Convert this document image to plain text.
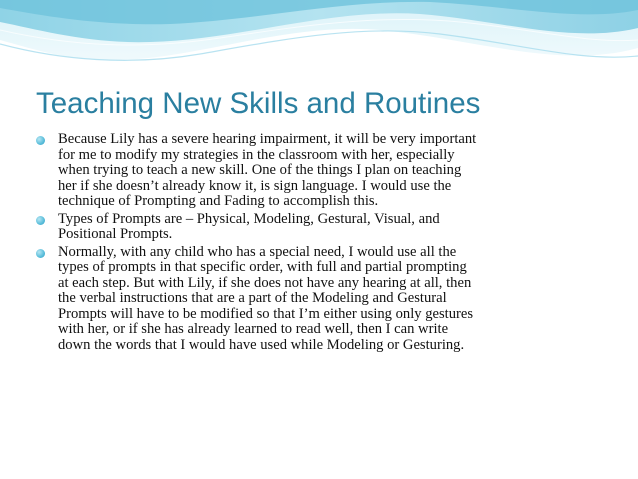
Teaching New Skills and Routines
Because Lily has a severe hearing impairment, it will be very important
for me to modify my strategies in the classroom with her, especially
when trying to teach a new skill. One of the things I plan on teaching
her if she doesn’t already know it, is sign language. I would use the
technique of Prompting and Fading to accomplish this.
Types of Prompts are – Physical, Modeling, Gestural, Visual, and
Positional Prompts.
Normally, with any child who has a special need, I would use all the
types of prompts in that specific order, with full and partial prompting
at each step. But with Lily, if she does not have any hearing at all, then
the verbal instructions that are a part of the Modeling and Gestural
Prompts will have to be modified so that I’m either using only gestures
with her, or if she has already learned to read well, then I can write
down the words that I would have used while Modeling or Gesturing.
